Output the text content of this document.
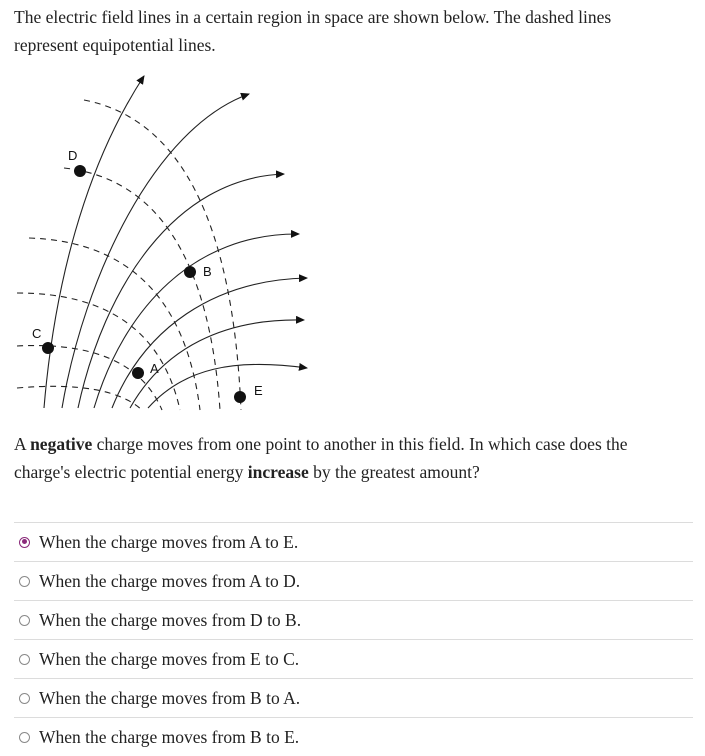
The electric field lines in a certain region in space are shown below. The dashed lines
represent equipotential lines.
D
B
C
A
E
A negative charge moves from one point to another in this field. In which case does the
charge's electric potential energy increase by the greatest amount?
When the charge moves from A to E.
When the charge moves from A to D.
When the charge moves from D to B.
When the charge moves from E to C.
When the charge moves from B to A.
When the charge moves from B to E.
